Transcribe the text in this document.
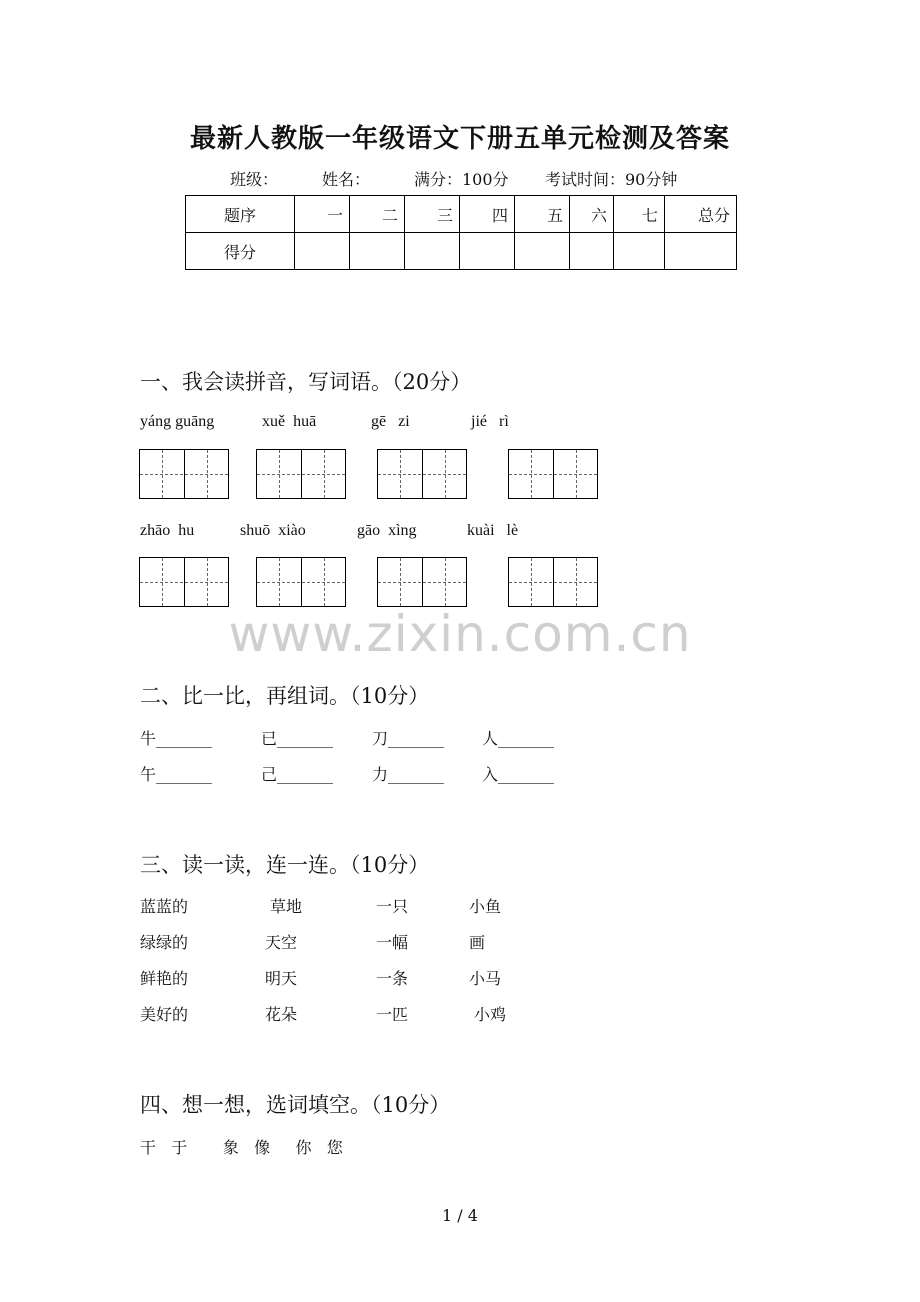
最新人教版一年级语文下册五单元检测及答案
班级：	姓名：	满分：100分 考试时间：90分钟
题序	一	二	三	四	五	六	七	总分
得分								
一、我会读拼音，写词语。（20分）
yáng guāng	xuě  huā	gē   zi	jié   rì
zhāo  hu	shuō  xiào	gāo  xìng	kuài   lè
www.zixin.com.cn
二、比一比，再组词。（10分）
牛_______	已_______ 刀_______ 人_______
午_______	己_______ 力_______ 入_______
三、读一读，连一连。（10分）
蓝蓝的	草地	一只	小鱼
绿绿的	天空	一幅	画
鲜艳的	明天	一条	小马
美好的	花朵	一匹	小鸡
四、想一想，选词填空。（10分）
干   于       象   像     你   您
1 / 4
